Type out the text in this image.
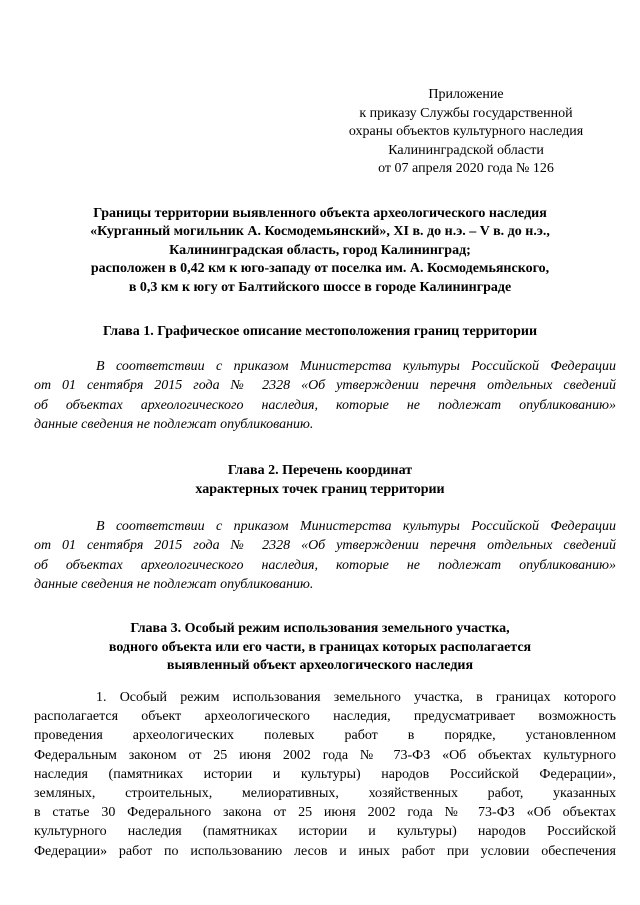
Приложение
к приказу Службы государственной
охраны объектов культурного наследия
Калининградской области
от 07 апреля 2020 года № 126
Границы территории выявленного объекта археологического наследия
«Курганный могильник А. Космодемьянский», XI в. до н.э. – V в. до н.э.,
Калининградская область, город Калининград;
расположен в 0,42 км к юго-западу от поселка им. А. Космодемьянского,
в 0,3 км к югу от Балтийского шоссе в городе Калининграде
Глава 1. Графическое описание местоположения границ территории
В соответствии с приказом Министерства культуры Российской Федерации
от 01 сентября 2015 года № 2328 «Об утверждении перечня отдельных сведений
об объектах археологического наследия, которые не подлежат опубликованию»
данные сведения не подлежат опубликованию.
Глава 2. Перечень координат
характерных точек границ территории
В соответствии с приказом Министерства культуры Российской Федерации
от 01 сентября 2015 года № 2328 «Об утверждении перечня отдельных сведений
об объектах археологического наследия, которые не подлежат опубликованию»
данные сведения не подлежат опубликованию.
Глава 3. Особый режим использования земельного участка,
водного объекта или его части, в границах которых располагается
выявленный объект археологического наследия
1. Особый режим использования земельного участка, в границах которого
располагается объект археологического наследия, предусматривает возможность
проведения археологических полевых работ в порядке, установленном
Федеральным законом от 25 июня 2002 года № 73-ФЗ «Об объектах культурного
наследия (памятниках истории и культуры) народов Российской Федерации»,
земляных, строительных, мелиоративных, хозяйственных работ, указанных
в статье 30 Федерального закона от 25 июня 2002 года № 73-ФЗ «Об объектах
культурного наследия (памятниках истории и культуры) народов Российской
Федерации» работ по использованию лесов и иных работ при условии обеспечения
